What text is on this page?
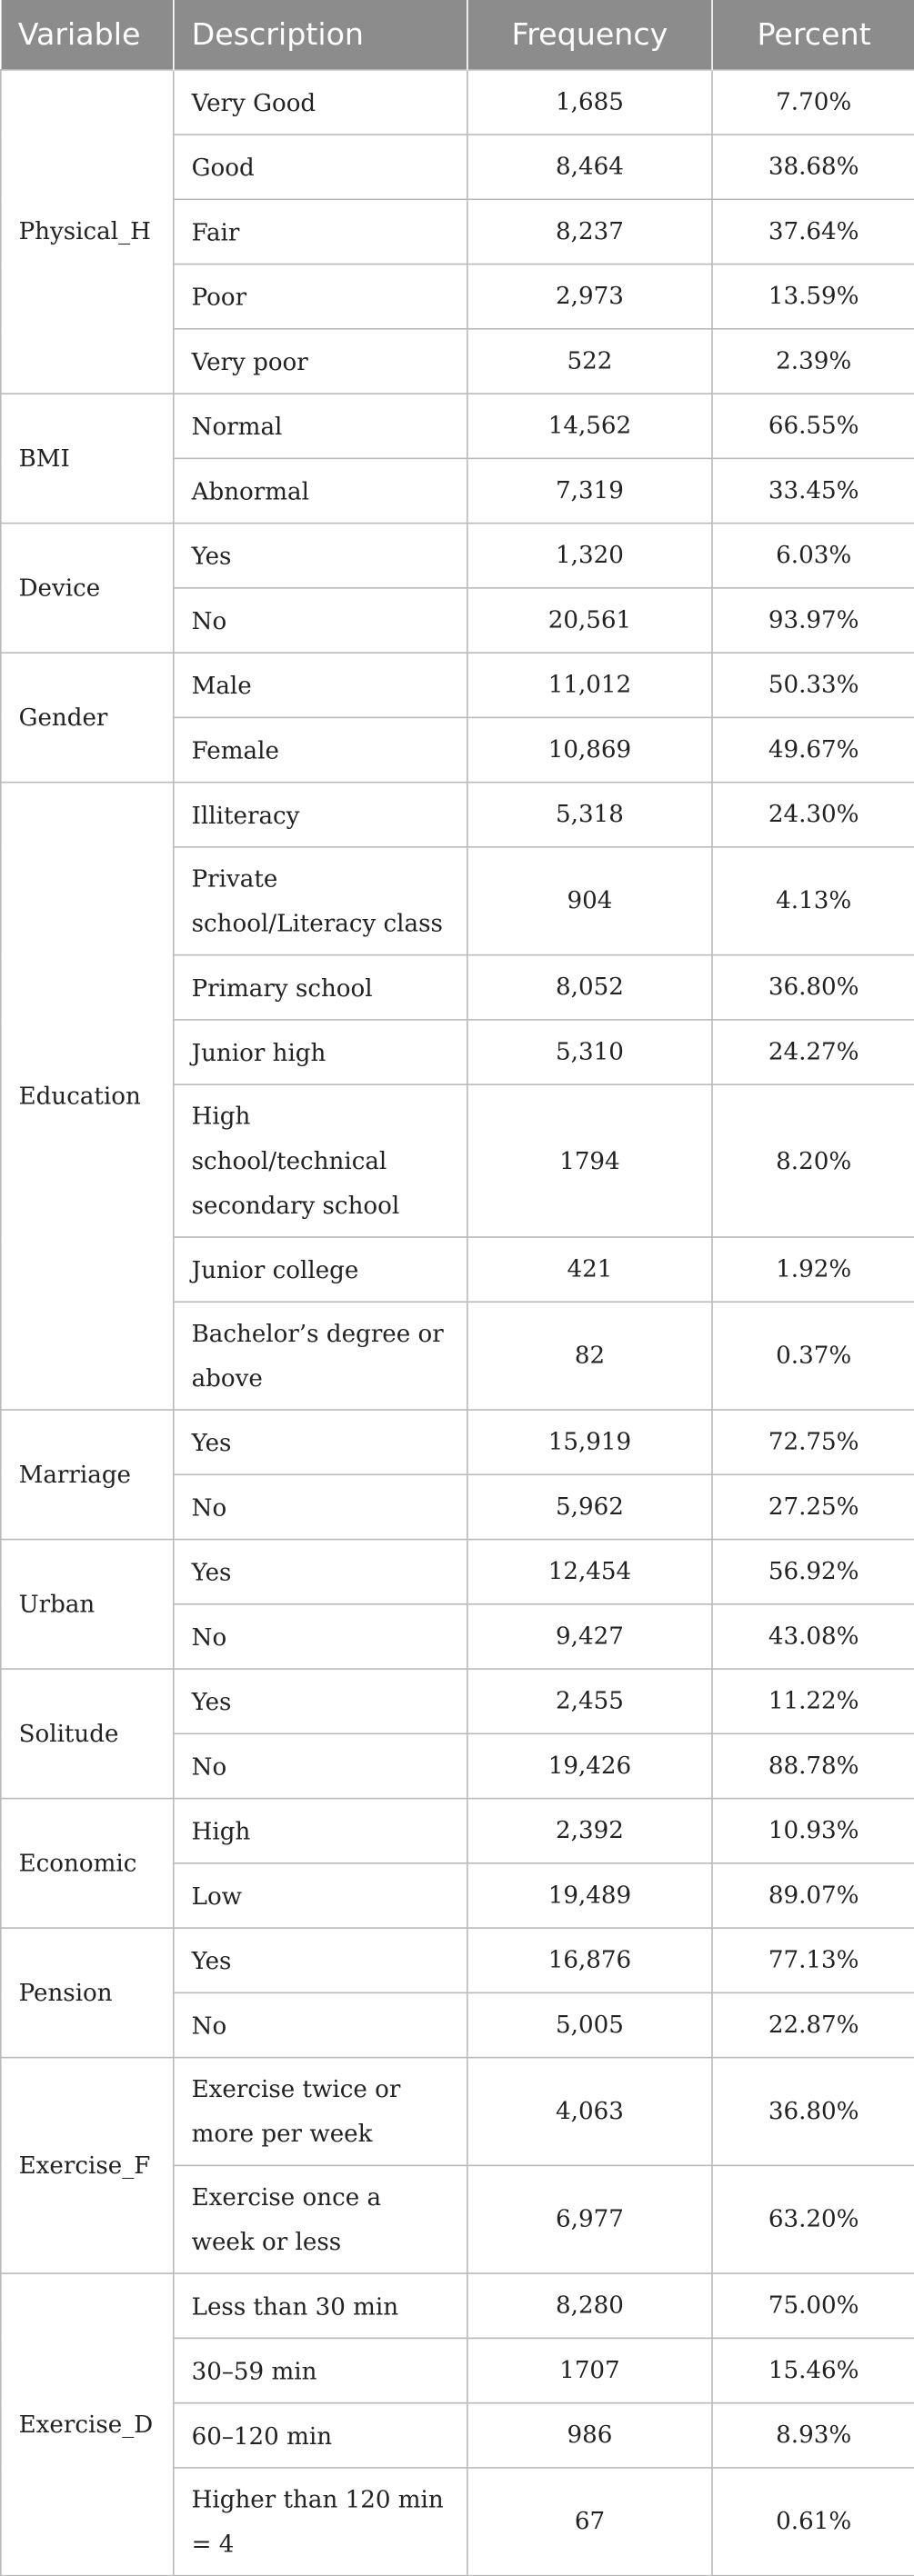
Variable	Description	Frequency	Percent
Physical_H	Very Good	1,685	7.70%
	Good	8,464	38.68%
	Fair	8,237	37.64%
	Poor	2,973	13.59%
	Very poor	522	2.39%
BMI	Normal	14,562	66.55%
	Abnormal	7,319	33.45%
Device	Yes	1,320	6.03%
	No	20,561	93.97%
Gender	Male	11,012	50.33%
	Female	10,869	49.67%
Education	Illiteracy	5,318	24.30%
	Private school/Literacy class	904	4.13%
	Primary school	8,052	36.80%
	Junior high	5,310	24.27%
	High school/technical secondary school	1794	8.20%
	Junior college	421	1.92%
	Bachelor’s degree or above	82	0.37%
Marriage	Yes	15,919	72.75%
	No	5,962	27.25%
Urban	Yes	12,454	56.92%
	No	9,427	43.08%
Solitude	Yes	2,455	11.22%
	No	19,426	88.78%
Economic	High	2,392	10.93%
	Low	19,489	89.07%
Pension	Yes	16,876	77.13%
	No	5,005	22.87%
Exercise_F	Exercise twice or more per week	4,063	36.80%
	Exercise once a week or less	6,977	63.20%
Exercise_D	Less than 30 min	8,280	75.00%
	30–59 min	1707	15.46%
	60–120 min	986	8.93%
	Higher than 120 min = 4	67	0.61%
